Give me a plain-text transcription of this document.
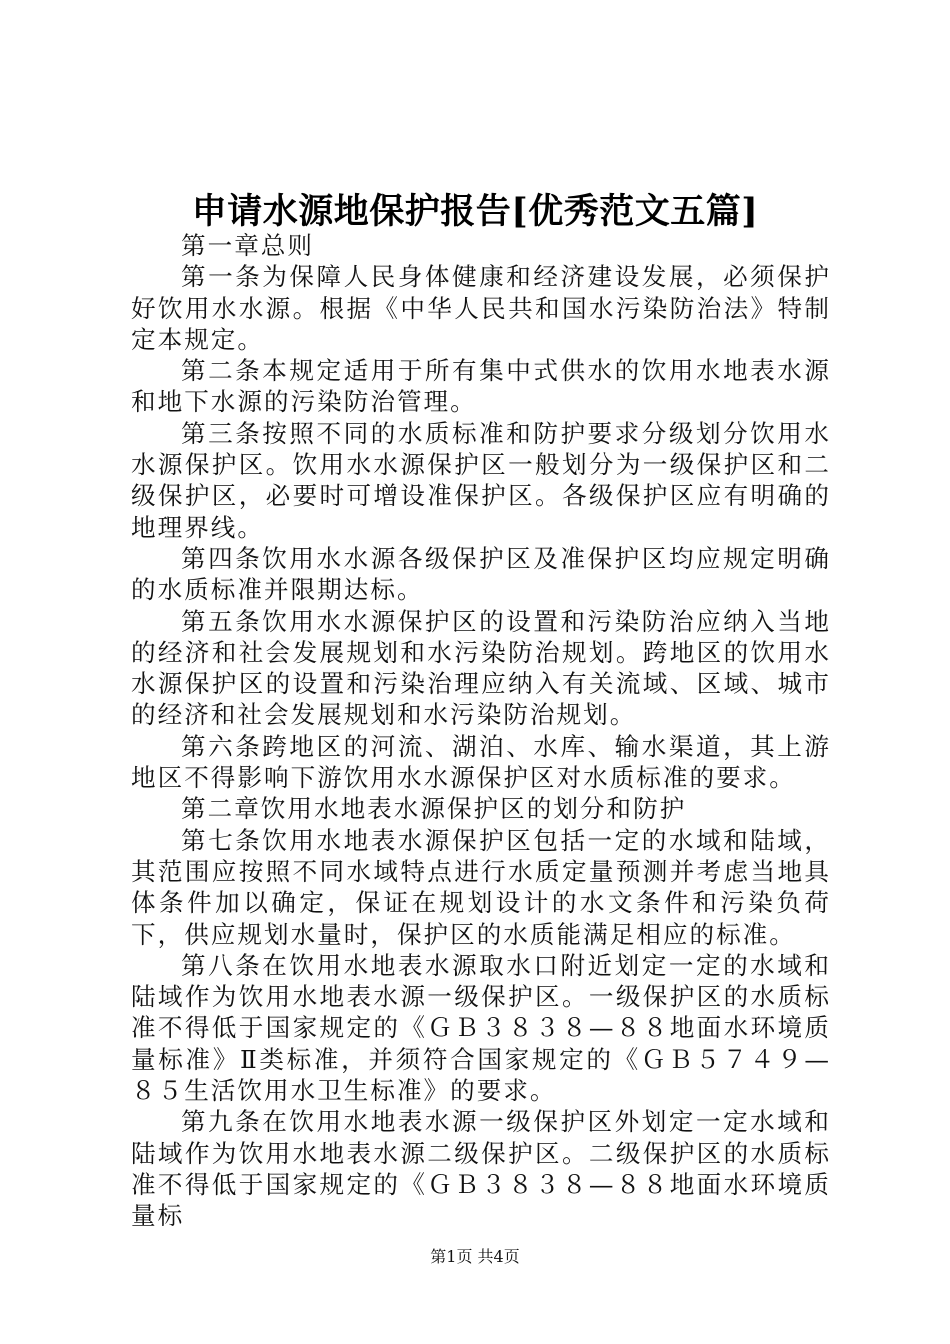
申请水源地保护报告[优秀范文五篇]

第一章总则

第一条为保障人民身体健康和经济建设发展，必须保护好饮用水水源。根据《中华人民共和国水污染防治法》特制定本规定。

第二条本规定适用于所有集中式供水的饮用水地表水源和地下水源的污染防治管理。

第三条按照不同的水质标准和防护要求分级划分饮用水水源保护区。饮用水水源保护区一般划分为一级保护区和二级保护区，必要时可增设准保护区。各级保护区应有明确的地理界线。

第四条饮用水水源各级保护区及准保护区均应规定明确的水质标准并限期达标。

第五条饮用水水源保护区的设置和污染防治应纳入当地的经济和社会发展规划和水污染防治规划。跨地区的饮用水水源保护区的设置和污染治理应纳入有关流域、区域、城市的经济和社会发展规划和水污染防治规划。

第六条跨地区的河流、湖泊、水库、输水渠道，其上游地区不得影响下游饮用水水源保护区对水质标准的要求。

第二章饮用水地表水源保护区的划分和防护

第七条饮用水地表水源保护区包括一定的水域和陆域，其范围应按照不同水域特点进行水质定量预测并考虑当地具体条件加以确定，保证在规划设计的水文条件和污染负荷下，供应规划水量时，保护区的水质能满足相应的标准。

第八条在饮用水地表水源取水口附近划定一定的水域和陆域作为饮用水地表水源一级保护区。一级保护区的水质标准不得低于国家规定的《ＧＢ３８３８—８８地面水环境质量标准》Ⅱ类标准，并须符合国家规定的《ＧＢ５７４９—８５生活饮用水卫生标准》的要求。

第九条在饮用水地表水源一级保护区外划定一定水域和陆域作为饮用水地表水源二级保护区。二级保护区的水质标准不得低于国家规定的《ＧＢ３８３８—８８地面水环境质量标

第1页 共4页
